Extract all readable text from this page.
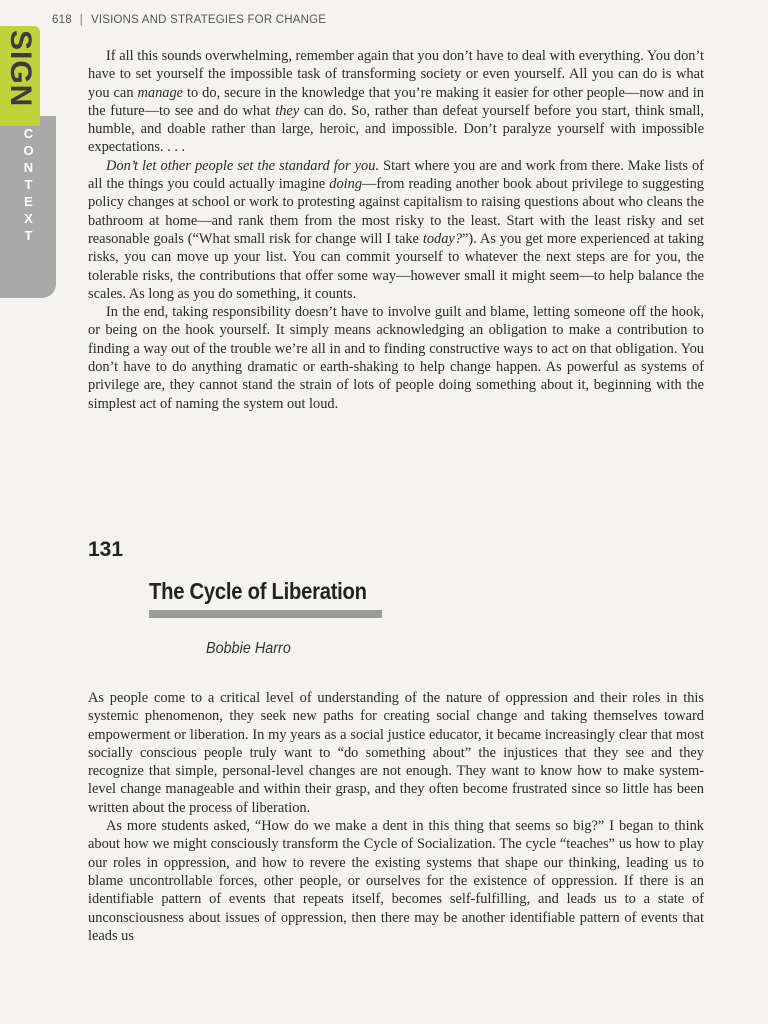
618 | VISIONS AND STRATEGIES FOR CHANGE
SIGN
CONTEXT

If all this sounds overwhelming, remember again that you don’t have to deal with everything. You don’t have to set yourself the impossible task of transforming society or even yourself. All you can do is what you can manage to do, secure in the knowledge that you’re making it easier for other people—now and in the future—to see and do what they can do. So, rather than defeat yourself before you start, think small, humble, and doable rather than large, heroic, and impossible. Don’t paralyze yourself with impossible expectations. . . .

Don’t let other people set the standard for you. Start where you are and work from there. Make lists of all the things you could actually imagine doing—from reading another book about privilege to suggesting policy changes at school or work to protesting against capitalism to raising questions about who cleans the bathroom at home—and rank them from the most risky to the least. Start with the least risky and set reasonable goals (“What small risk for change will I take today?”). As you get more experienced at taking risks, you can move up your list. You can commit yourself to whatever the next steps are for you, the tolerable risks, the contributions that offer some way—however small it might seem—to help balance the scales. As long as you do something, it counts.

In the end, taking responsibility doesn’t have to involve guilt and blame, letting someone off the hook, or being on the hook yourself. It simply means acknowledging an obligation to make a contribution to finding a way out of the trouble we’re all in and to finding constructive ways to act on that obligation. You don’t have to do anything dramatic or earth-shaking to help change happen. As powerful as systems of privilege are, they cannot stand the strain of lots of people doing something about it, beginning with the simplest act of naming the system out loud.

131
The Cycle of Liberation
Bobbie Harro

As people come to a critical level of understanding of the nature of oppression and their roles in this systemic phenomenon, they seek new paths for creating social change and taking themselves toward empowerment or liberation. In my years as a social justice educator, it became increasingly clear that most socially conscious people truly want to “do something about” the injustices that they see and they recognize that simple, personal-level changes are not enough. They want to know how to make system-level change manageable and within their grasp, and they often become frustrated since so little has been written about the process of liberation.

As more students asked, “How do we make a dent in this thing that seems so big?” I began to think about how we might consciously transform the Cycle of Socialization. The cycle “teaches” us how to play our roles in oppression, and how to revere the existing systems that shape our thinking, leading us to blame uncontrollable forces, other people, or ourselves for the existence of oppression. If there is an identifiable pattern of events that repeats itself, becomes self-fulfilling, and leads us to a state of unconsciousness about issues of oppression, then there may be another identifiable pattern of events that leads us
